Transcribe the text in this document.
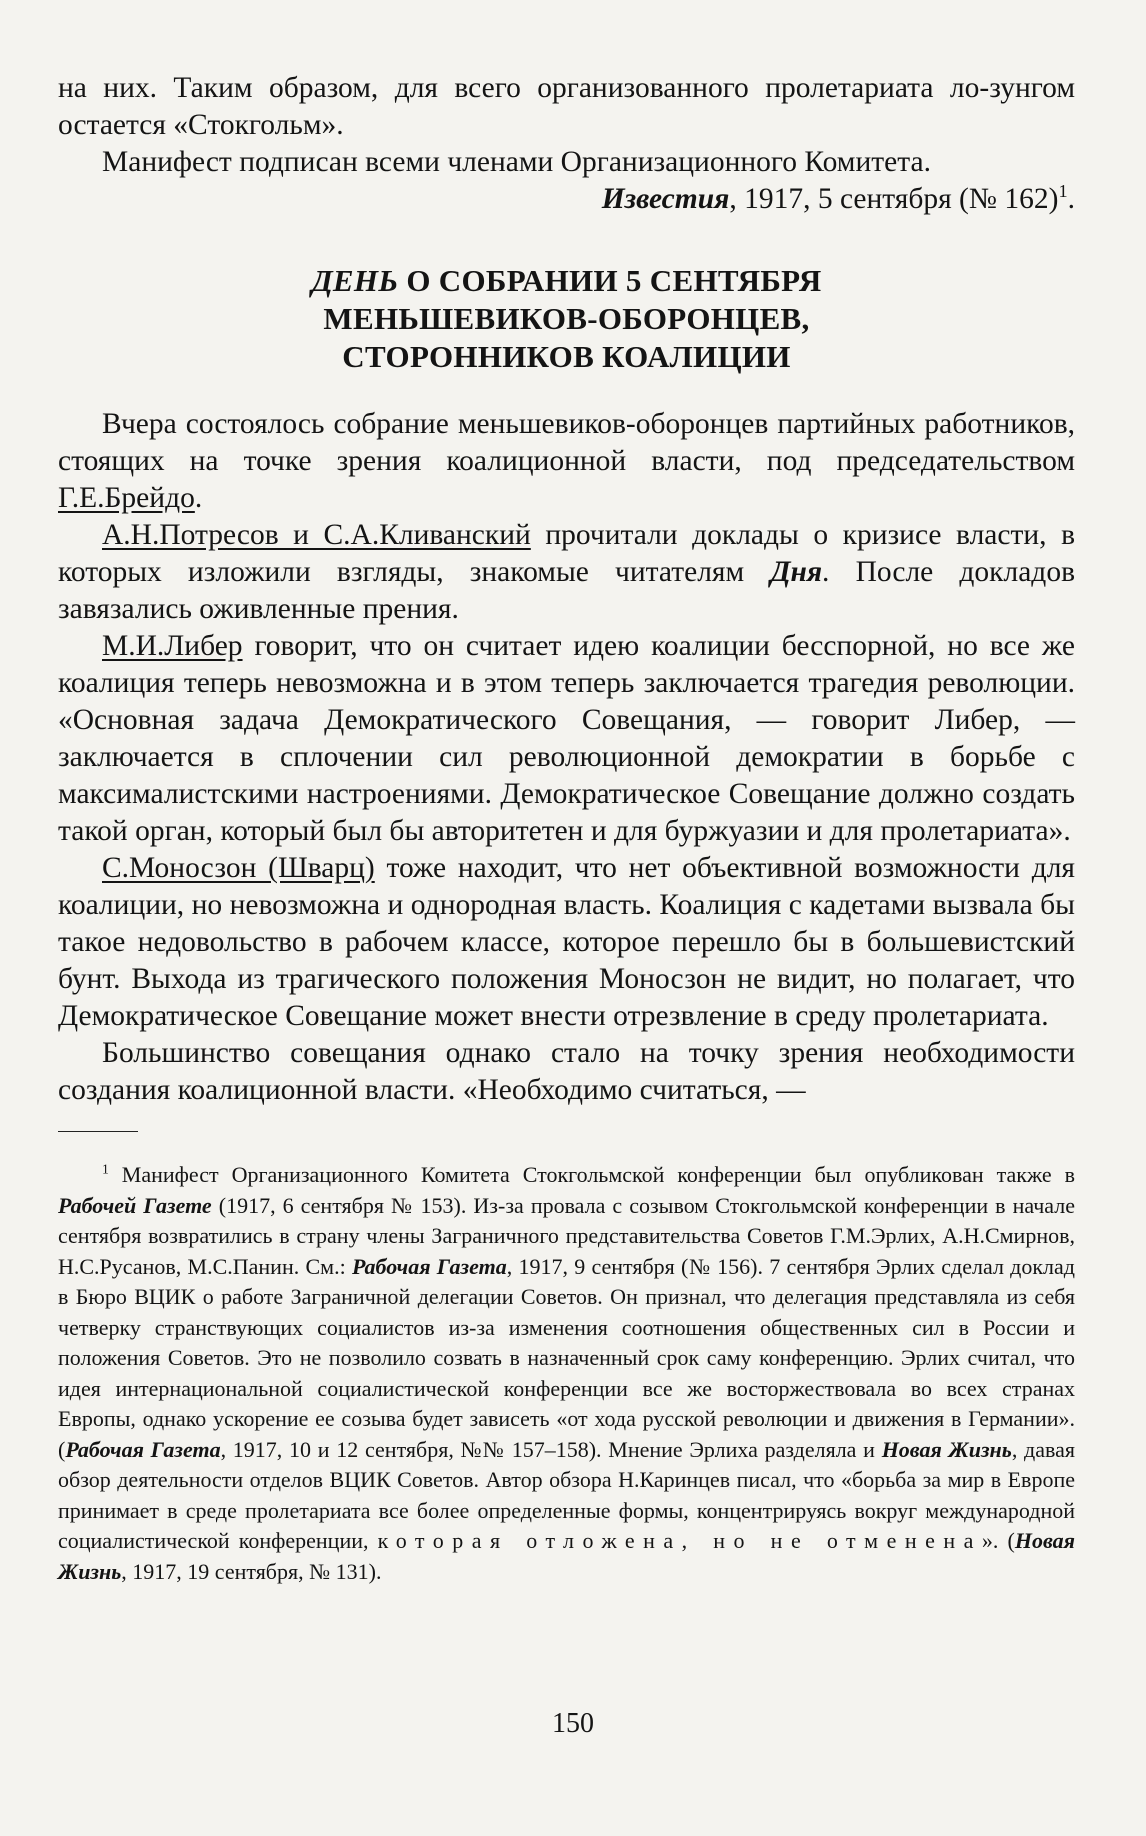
на них. Таким образом, для всего организованного пролетариата ло-зунгом остается «Стокгольм».

Манифест подписан всеми членами Организационного Комитета.

Известия, 1917, 5 сентября (№ 162)$^1$.

ДЕНЬ О СОБРАНИИ 5 СЕНТЯБРЯ
МЕНЬШЕВИКОВ-ОБОРОНЦЕВ,
СТОРОННИКОВ КОАЛИЦИИ

Вчера состоялось собрание меньшевиков-оборонцев партийных работников, стоящих на точке зрения коалиционной власти, под председательством Г.Е.Брейдо.

А.Н.Потресов и С.А.Кливанский прочитали доклады о кризисе власти, в которых изложили взгляды, знакомые читателям Дня. После докладов завязались оживленные прения.

М.И.Либер говорит, что он считает идею коалиции бесспорной, но все же коалиция теперь невозможна и в этом теперь заключается трагедия революции. «Основная задача Демократического Совещания, — говорит Либер, — заключается в сплочении сил революционной демократии в борьбе с максималистскими настроениями. Демократическое Совещание должно создать такой орган, который был бы авторитетен и для буржуазии и для пролетариата».

С.Моносзон (Шварц) тоже находит, что нет объективной возможности для коалиции, но невозможна и однородная власть. Коалиция с кадетами вызвала бы такое недовольство в рабочем классе, которое перешло бы в большевистский бунт. Выхода из трагического положения Моносзон не видит, но полагает, что Демократическое Совещание может внести отрезвление в среду пролетариата.

Большинство совещания однако стало на точку зрения необходимости создания коалиционной власти. «Необходимо считаться, —

$^1$ Манифест Организационного Комитета Стокгольмской конференции был опубликован также в Рабочей Газете (1917, 6 сентября № 153). Из-за провала с созывом Стокгольмской конференции в начале сентября возвратились в страну члены Заграничного представительства Советов Г.М.Эрлих, А.Н.Смирнов, Н.С.Русанов, М.С.Панин. См.: Рабочая Газета, 1917, 9 сентября (№ 156). 7 сентября Эрлих сделал доклад в Бюро ВЦИК о работе Заграничной делегации Советов. Он признал, что делегация представляла из себя четверку странствующих социалистов из-за изменения соотношения общественных сил в России и положения Советов. Это не позволило созвать в назначенный срок саму конференцию. Эрлих считал, что идея интернациональной социалистической конференции все же восторжествовала во всех странах Европы, однако ускорение ее созыва будет зависеть «от хода русской революции и движения в Германии». (Рабочая Газета, 1917, 10 и 12 сентября, №№ 157–158). Мнение Эрлиха разделяла и Новая Жизнь, давая обзор деятельности отделов ВЦИК Советов. Автор обзора Н.Каринцев писал, что «борьба за мир в Европе принимает в среде пролетариата все более определенные формы, концентрируясь вокруг международной социалистической конференции, которая отложена, но не отменена». (Новая Жизнь, 1917, 19 сентября, № 131).

150
